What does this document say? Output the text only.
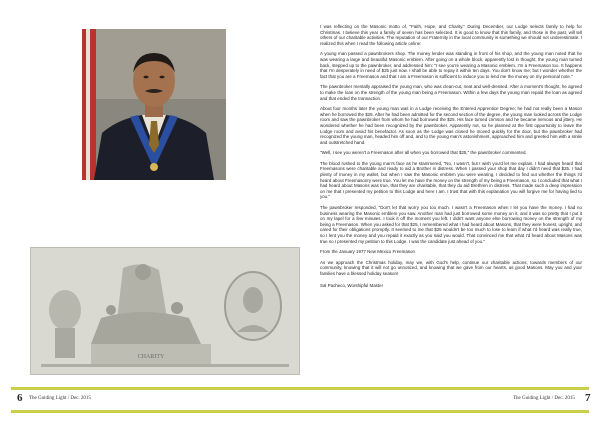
CHARITY

I was reflecting on the Masonic motto of, "Faith, Hope, and Charity." During December, our Lodge selects family to help for Christmas. I believe this year a family of seven has been selected. It is good to know that this family, and those in the past, will tell others of our charitable activities. The reputation of our Fraternity in the local community is something we should not underestimate. I realized this when I read the following article online:

A young man passed a pawnbrokers shop. The money lender was standing in front of his shop, and the young man noted that he was wearing a large and beautiful Masonic emblem. After going on a whole block, apparently lost in thought, the young man turned back, stepped up to the pawnbroker, and addressed him: "I see you're wearing a Masonic emblem. I'm a Freemason too. It happens that I'm desperately in need of $25 just now. I shall be able to repay it within ten days. You don't know me; but I wonder whether the fact that you are a Freemason and that I am a Freemason is sufficient to induce you to lend me the money on my personal note."

The pawnbroker mentally appraised the young man, who was clean-cut, neat and well-dressed. After a moment's thought, he agreed to make the loan on the strength of the young man being a Freemason. Within a few days the young man repaid the loan as agreed and that ended the transaction.

About four months later the young man was in a Lodge receiving the Entered Apprentice Degree; he had not really been a Mason when he borrowed the $25. After he had been admitted for the second section of the degree, the young man looked across the Lodge room and saw the pawnbroker from whom he had borrowed the $25. His face turned crimson and he became nervous and jittery. He wondered whether he had been recognized by the pawnbroker. Apparently not, so he planned at the first opportunity to leave the Lodge room and avoid his benefactor. As soon as the Lodge was closed he moved quickly for the door, but the pawnbroker had recognized the young man, headed him off and, and to the young man's astonishment, approached him and greeted him with a smile and outstretched hand.

"Well, I see you weren't a Freemason after all when you borrowed that $25," the pawnbroker commented.

The blood rushed to the young man's face as he stammered, "No, I wasn't, but I wish you'd let me explain. I had always heard that Freemasons were charitable and ready to aid a Brother in distress. When I passed your shop that day I didn't need that $25. I had plenty of money in my wallet, but when I saw the Masonic emblem you were wearing, I decided to find out whether the things I'd heard about Freemasonry were true. You let me have the money on the strength of my being a Freemason, so I concluded that what I had heard about Masons was true, that they are charitable, that they do aid Brethren in distress. That made such a deep impression on me that I presented my petition to this Lodge and here I am. I trust that with this explanation you will forgive me for having lied to you."

The pawnbroker responded, "Don't let that worry you too much. I wasn't a Freemason when I let you have the money. I had no business wearing the Masonic emblem you saw. Another man had just borrowed some money on it, and it was so pretty that I put it on my lapel for a few minutes. I took it off the moment you left. I didn't want anyone else borrowing money on the strength of my being a Freemason. When you asked for that $25, I remembered what I had heard about Masons, that they were honest, upright, and cared for their obligations promptly. It seemed to me that $25 wouldn't be too much to lose to learn if what I'd heard was really true, so I lent you the money and you repaid it exactly as you said you would. That convinced me that what I'd heard about Masons was true so I presented my petition to this Lodge. I was the candidate just ahead of you."

From the January 1977 New Mexico Freemason

As we approach the Christmas holiday, may we, with God's help, continue our charitable actions, towards members of our community, knowing that it will not go unnoticed, and knowing that we gave from our hearts, as good Masons. May you and your families have a blessed holiday season!

Sal Pacheco, Worshipful Master

6 The Guiding Light / Dec. 2015	The Guiding Light / Dec. 2015 7
